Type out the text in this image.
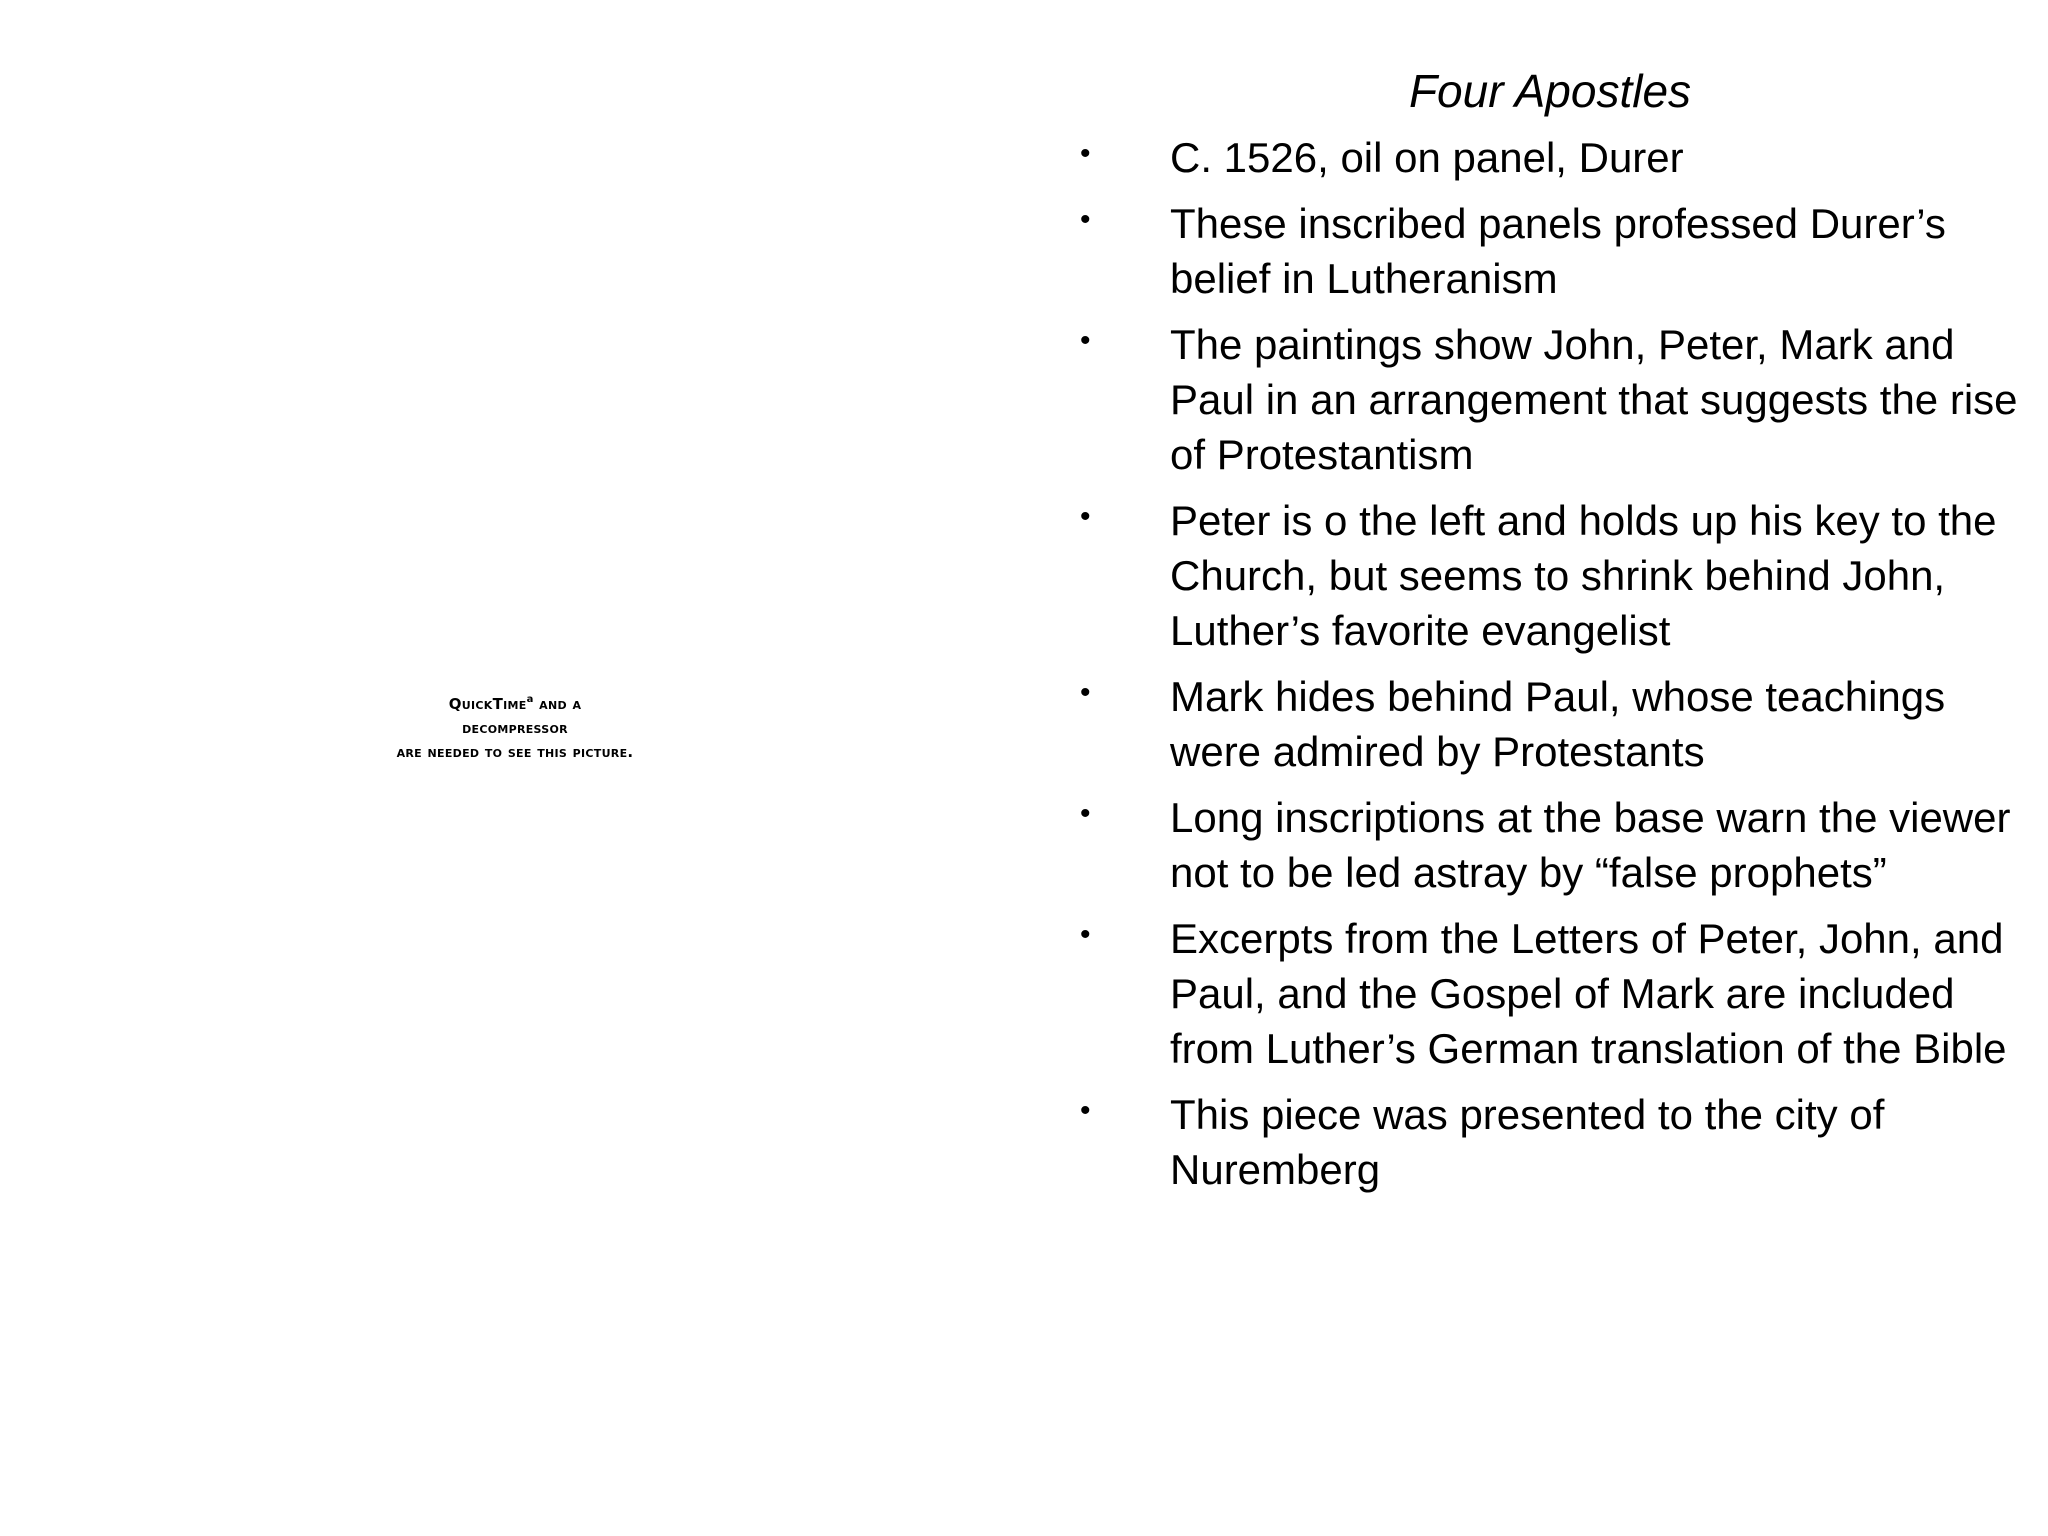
QuickTime$^a$ and a
decompressor
are needed to see this picture.
Four Apostles
• C. 1526, oil on panel, Durer
• These inscribed panels professed Durer’s belief in Lutheranism
• The paintings show John, Peter, Mark and Paul in an arrangement that suggests the rise of Protestantism
• Peter is o the left and holds up his key to the Church, but seems to shrink behind John, Luther’s favorite evangelist
• Mark hides behind Paul, whose teachings were admired by Protestants
• Long inscriptions at the base warn the viewer not to be led astray by “false prophets”
• Excerpts from the Letters of Peter, John, and Paul, and the Gospel of Mark are included from Luther’s German translation of the Bible
• This piece was presented to the city of Nuremberg
